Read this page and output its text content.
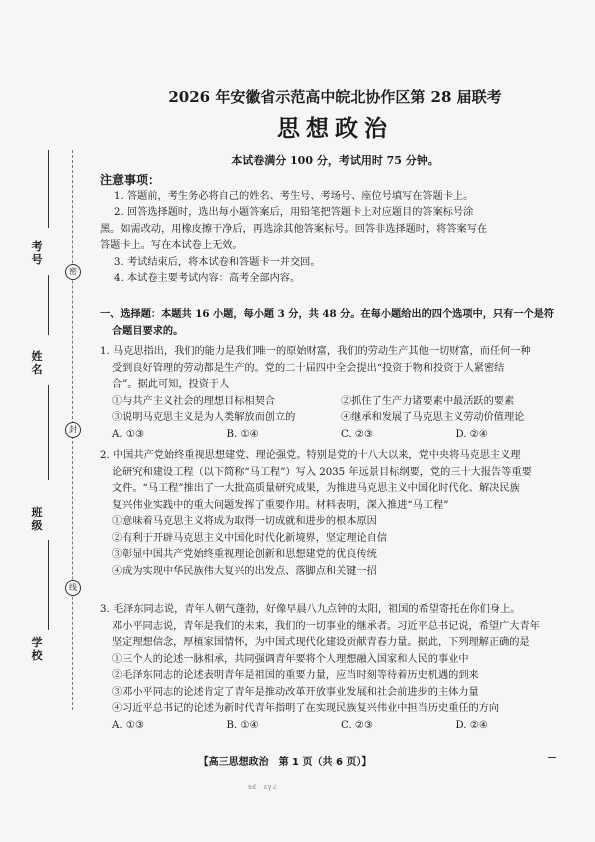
考号
姓名
班级
学校
密
封
线
2026 年安徽省示范高中皖北协作区第 28 届联考
思想政治
本试卷满分 100 分，考试用时 75 分钟。

注意事项：

1. 答题前，考生务必将自己的姓名、考生号、考场号、座位号填写在答题卡上。

2. 回答选择题时，选出每小题答案后，用铅笔把答题卡上对应题目的答案标号涂

黑。如需改动，用橡皮擦干净后，再选涂其他答案标号。回答非选择题时，将答案写在

答题卡上。写在本试卷上无效。

3. 考试结束后，将本试卷和答题卡一并交回。

4. 本试卷主要考试内容：高考全部内容。

一、选择题：本题共 16 小题，每小题 3 分，共 48 分。在每小题给出的四个选项中，只有一个是符

合题目要求的。

1. 马克思指出，我们的能力是我们唯一的原始财富，我们的劳动生产其他一切财富，而任何一种

受到良好管理的劳动都是生产的。党的二十届四中全会提出“投资于物和投资于人紧密结

合”。据此可知，投资于人

①与共产主义社会的理想目标相契合	②抓住了生产力诸要素中最活跃的要素

③说明马克思主义是为人类解放而创立的	④继承和发展了马克思主义劳动价值理论

A. ①③	B. ①④	C. ②③	D. ②④

2. 中国共产党始终重视思想建党、理论强党。特别是党的十八大以来，党中央将马克思主义理

论研究和建设工程（以下简称“马工程”）写入 2035 年远景目标纲要，党的三十大报告等重要

文件。“马工程”推出了一大批高质量研究成果，为推进马克思主义中国化时代化、解决民族

复兴伟业实践中的重大问题发挥了重要作用。材料表明，深入推进“马工程”

①意味着马克思主义将成为取得一切成就和进步的根本原因

②有利于开辟马克思主义中国化时代化新境界，坚定理论自信

③彰显中国共产党始终重视理论创新和思想建党的优良传统

④成为实现中华民族伟大复兴的出发点、落脚点和关键一招

3. 毛泽东同志说，青年人朝气蓬勃，好像早晨八九点钟的太阳，祖国的希望寄托在你们身上。

邓小平同志说，青年是我们的未来，我们的一切事业的继承者。习近平总书记说，希望广大青年

坚定理想信念，厚植家国情怀，为中国式现代化建设贡献青春力量。据此，下列理解正确的是

①三个人的论述一脉相承，共同强调青年要将个人理想融入国家和人民的事业中

②毛泽东同志的论述表明青年是祖国的重要力量，应当时刻等待着历史机遇的到来

③邓小平同志的论述肯定了青年是推动改革开放事业发展和社会前进步的主体力量

④习近平总书记的论述为新时代青年指明了在实现民族复兴伟业中担当历史重任的方向

A. ①③	B. ①④	C. ②③	D. ②④

【高三思想政治　第 1 页（共 6 页）】
s∈　εγ∠
